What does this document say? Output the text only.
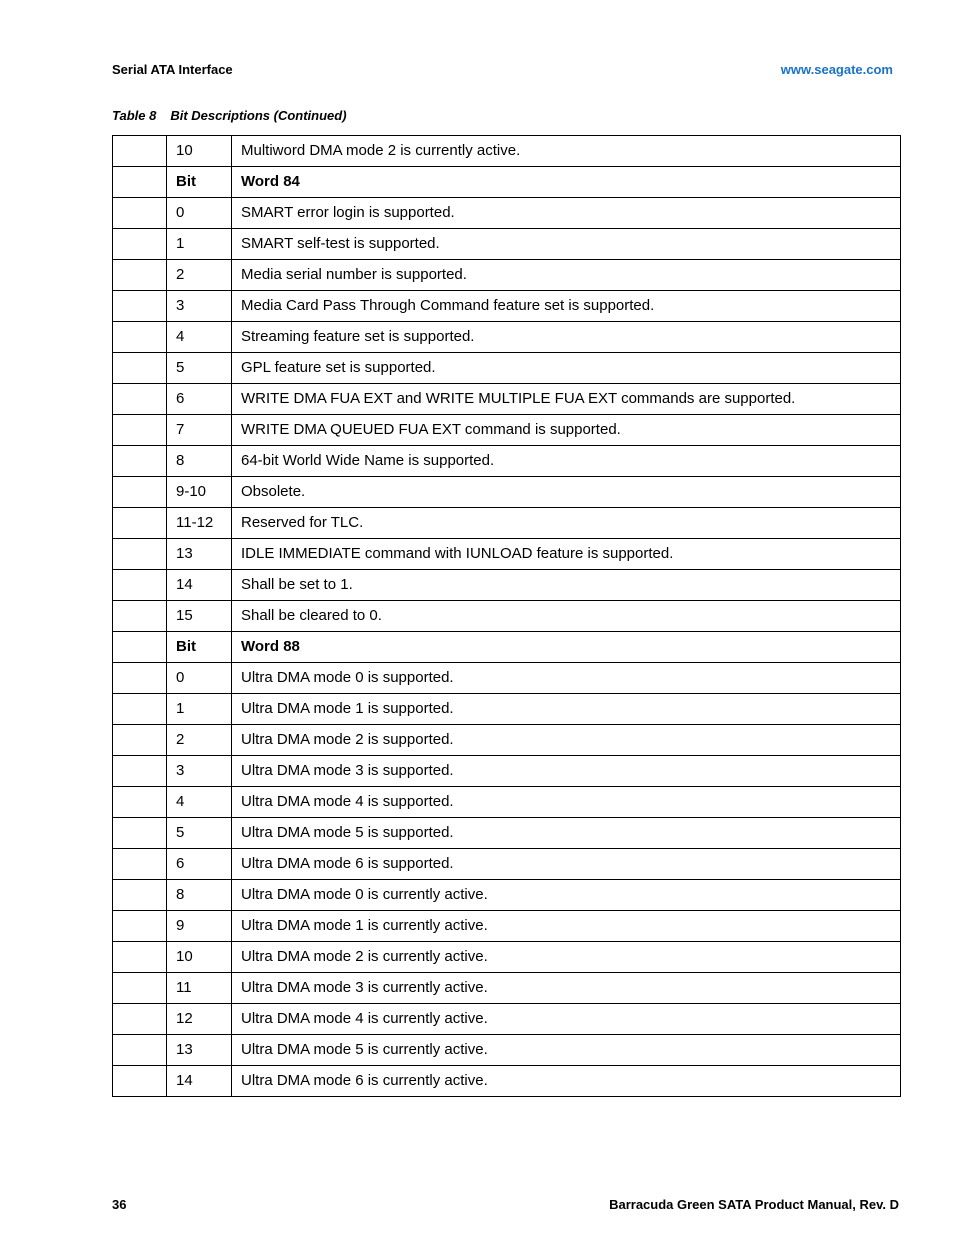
Serial ATA Interface	www.seagate.com
Table 8 Bit Descriptions (Continued)
	10	Multiword DMA mode 2 is currently active.
	Bit	Word 84
	0	SMART error login is supported.
	1	SMART self-test is supported.
	2	Media serial number is supported.
	3	Media Card Pass Through Command feature set is supported.
	4	Streaming feature set is supported.
	5	GPL feature set is supported.
	6	WRITE DMA FUA EXT and WRITE MULTIPLE FUA EXT commands are supported.
	7	WRITE DMA QUEUED FUA EXT command is supported.
	8	64-bit World Wide Name is supported.
	9-10	Obsolete.
	11-12	Reserved for TLC.
	13	IDLE IMMEDIATE command with IUNLOAD feature is supported.
	14	Shall be set to 1.
	15	Shall be cleared to 0.
	Bit	Word 88
	0	Ultra DMA mode 0 is supported.
	1	Ultra DMA mode 1 is supported.
	2	Ultra DMA mode 2 is supported.
	3	Ultra DMA mode 3 is supported.
	4	Ultra DMA mode 4 is supported.
	5	Ultra DMA mode 5 is supported.
	6	Ultra DMA mode 6 is supported.
	8	Ultra DMA mode 0 is currently active.
	9	Ultra DMA mode 1 is currently active.
	10	Ultra DMA mode 2 is currently active.
	11	Ultra DMA mode 3 is currently active.
	12	Ultra DMA mode 4 is currently active.
	13	Ultra DMA mode 5 is currently active.
	14	Ultra DMA mode 6 is currently active.
36	Barracuda Green SATA Product Manual, Rev. D
